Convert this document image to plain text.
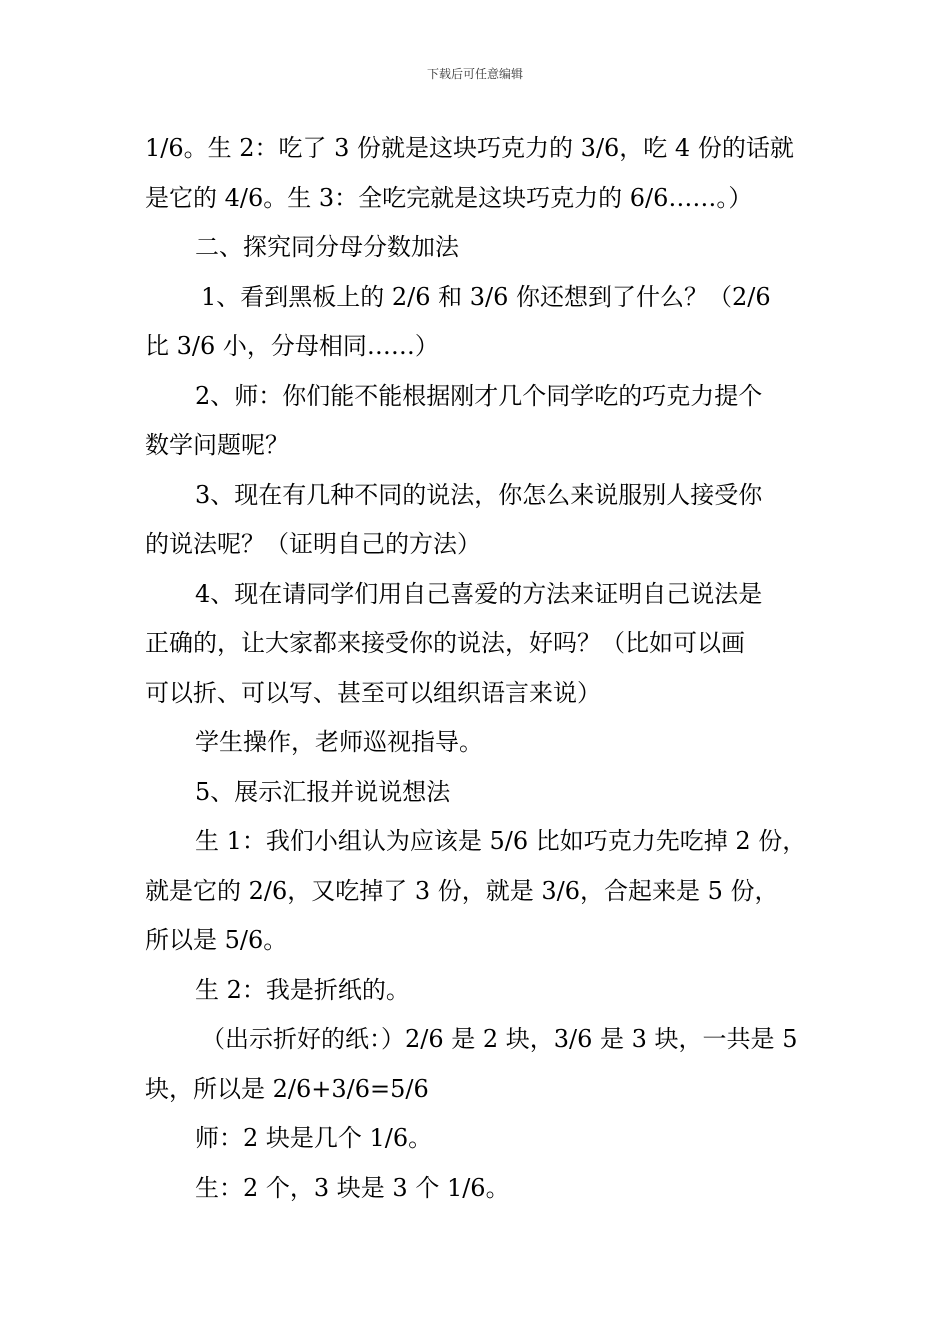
下载后可任意编辑
1/6。生 2：吃了 3 份就是这块巧克力的 3/6，吃 4 份的话就
是它的 4/6。生 3：全吃完就是这块巧克力的 6/6……。）
二、探究同分母分数加法
1、看到黑板上的 2/6 和 3/6 你还想到了什么？（2/6
比 3/6 小，分母相同……）
2、师：你们能不能根据刚才几个同学吃的巧克力提个
数学问题呢？
3、现在有几种不同的说法，你怎么来说服别人接受你
的说法呢？（证明自己的方法）
4、现在请同学们用自己喜爱的方法来证明自己说法是
正确的，让大家都来接受你的说法，好吗？（比如可以画
可以折、可以写、甚至可以组织语言来说）
学生操作，老师巡视指导。
5、展示汇报并说说想法
生 1：我们小组认为应该是 5/6 比如巧克力先吃掉 2 份，
就是它的 2/6，又吃掉了 3 份，就是 3/6，合起来是 5 份，
所以是 5/6。
生 2：我是折纸的。
（出示折好的纸：）2/6 是 2 块，3/6 是 3 块，一共是 5
块，所以是 2/6+3/6=5/6
师：2 块是几个 1/6。
生：2 个，3 块是 3 个 1/6。
